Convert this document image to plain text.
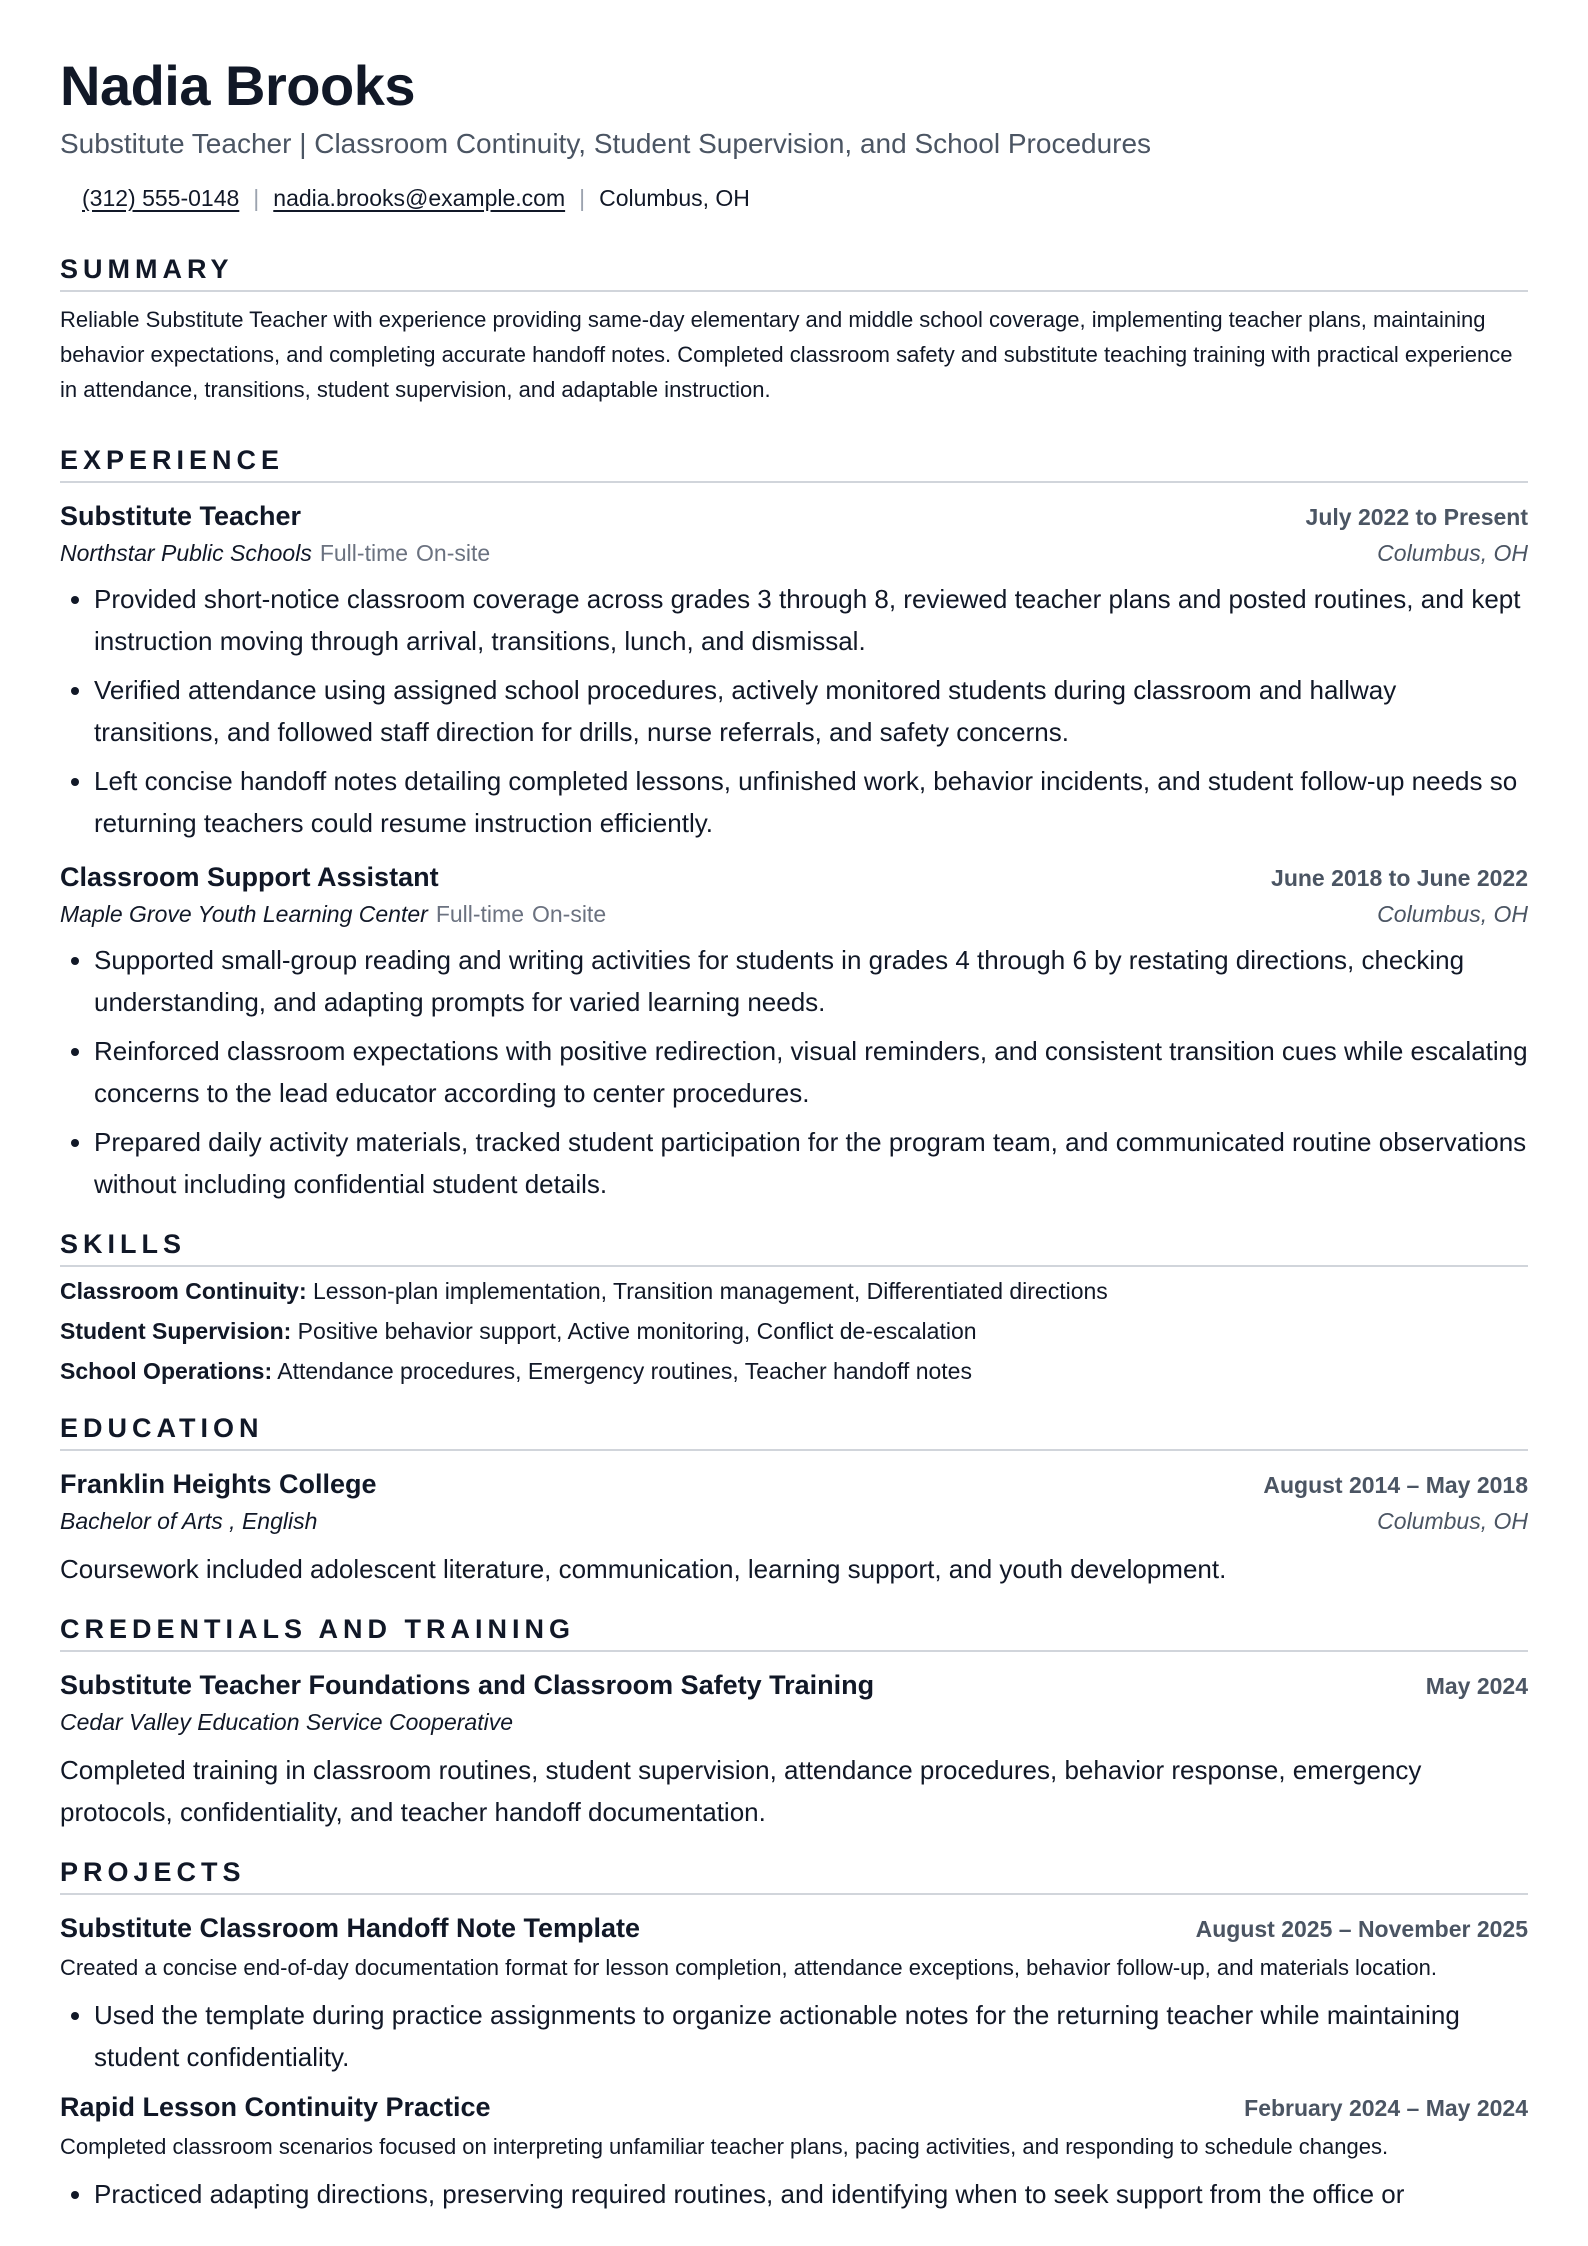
Nadia Brooks
Substitute Teacher | Classroom Continuity, Student Supervision, and School Procedures
(312) 555-0148 | nadia.brooks@example.com | Columbus, OH
SUMMARY
Reliable Substitute Teacher with experience providing same-day elementary and middle school coverage, implementing teacher plans, maintaining behavior expectations, and completing accurate handoff notes. Completed classroom safety and substitute teaching training with practical experience in attendance, transitions, student supervision, and adaptable instruction.
EXPERIENCE
Substitute Teacher	July 2022 to Present
Northstar Public Schools Full-time On-site	Columbus, OH
• Provided short-notice classroom coverage across grades 3 through 8, reviewed teacher plans and posted routines, and kept instruction moving through arrival, transitions, lunch, and dismissal.
• Verified attendance using assigned school procedures, actively monitored students during classroom and hallway transitions, and followed staff direction for drills, nurse referrals, and safety concerns.
• Left concise handoff notes detailing completed lessons, unfinished work, behavior incidents, and student follow-up needs so returning teachers could resume instruction efficiently.
Classroom Support Assistant	June 2018 to June 2022
Maple Grove Youth Learning Center Full-time On-site	Columbus, OH
• Supported small-group reading and writing activities for students in grades 4 through 6 by restating directions, checking understanding, and adapting prompts for varied learning needs.
• Reinforced classroom expectations with positive redirection, visual reminders, and consistent transition cues while escalating concerns to the lead educator according to center procedures.
• Prepared daily activity materials, tracked student participation for the program team, and communicated routine observations without including confidential student details.
SKILLS
Classroom Continuity: Lesson-plan implementation, Transition management, Differentiated directions
Student Supervision: Positive behavior support, Active monitoring, Conflict de-escalation
School Operations: Attendance procedures, Emergency routines, Teacher handoff notes
EDUCATION
Franklin Heights College	August 2014 – May 2018
Bachelor of Arts , English	Columbus, OH
Coursework included adolescent literature, communication, learning support, and youth development.
CREDENTIALS AND TRAINING
Substitute Teacher Foundations and Classroom Safety Training	May 2024
Cedar Valley Education Service Cooperative
Completed training in classroom routines, student supervision, attendance procedures, behavior response, emergency protocols, confidentiality, and teacher handoff documentation.
PROJECTS
Substitute Classroom Handoff Note Template	August 2025 – November 2025
Created a concise end-of-day documentation format for lesson completion, attendance exceptions, behavior follow-up, and materials location.
• Used the template during practice assignments to organize actionable notes for the returning teacher while maintaining student confidentiality.
Rapid Lesson Continuity Practice	February 2024 – May 2024
Completed classroom scenarios focused on interpreting unfamiliar teacher plans, pacing activities, and responding to schedule changes.
• Practiced adapting directions, preserving required routines, and identifying when to seek support from the office or
